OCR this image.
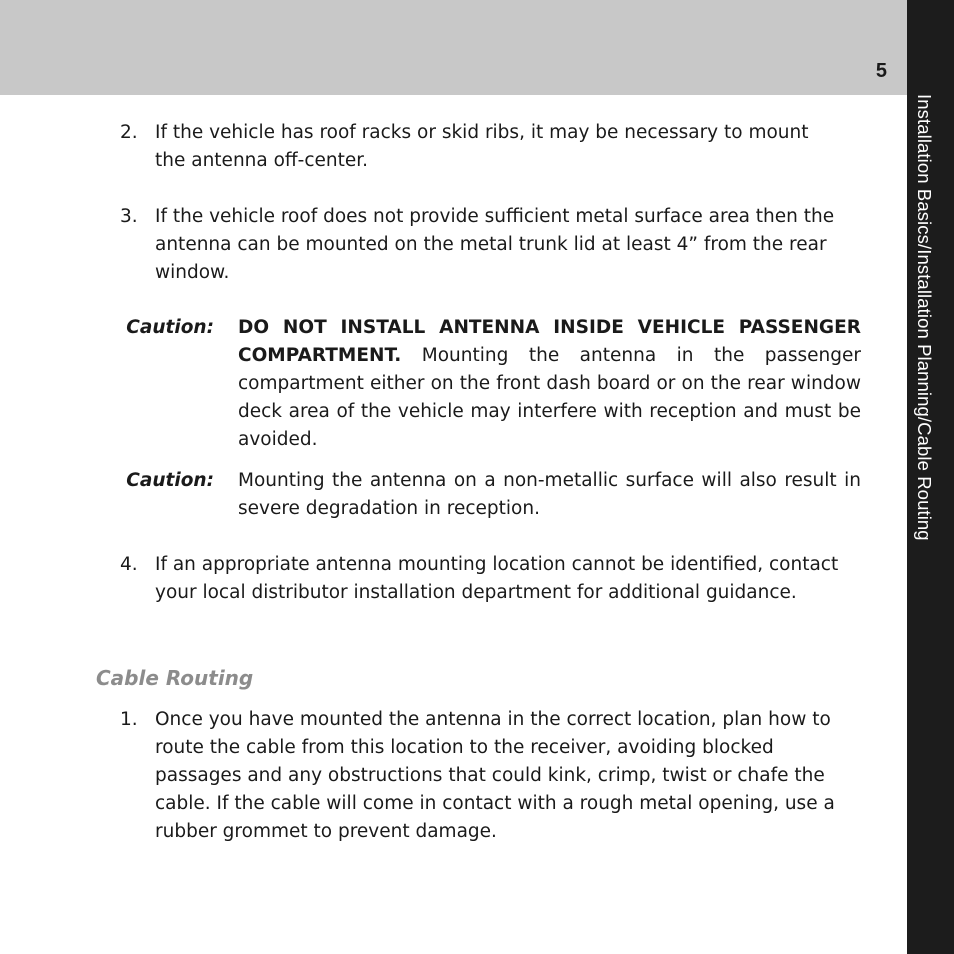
5
Installation Basics/Installation Planning/Cable Routing
2. If the vehicle has roof racks or skid ribs, it may be necessary to mount the antenna off-center.
3. If the vehicle roof does not provide sufficient metal surface area then the antenna can be mounted on the metal trunk lid at least 4” from the rear window.
Caution: DO NOT INSTALL ANTENNA INSIDE VEHICLE PASSENGER COMPARTMENT. Mounting the antenna in the passenger compartment either on the front dash board or on the rear window deck area of the vehicle may interfere with reception and must be avoided.
Caution: Mounting the antenna on a non-metallic surface will also result in severe degradation in reception.
4. If an appropriate antenna mounting location cannot be identified, contact your local distributor installation department for additional guidance.
Cable Routing
1. Once you have mounted the antenna in the correct location, plan how to route the cable from this location to the receiver, avoiding blocked passages and any obstructions that could kink, crimp, twist or chafe the cable. If the cable will come in contact with a rough metal opening, use a rubber grommet to prevent damage.
